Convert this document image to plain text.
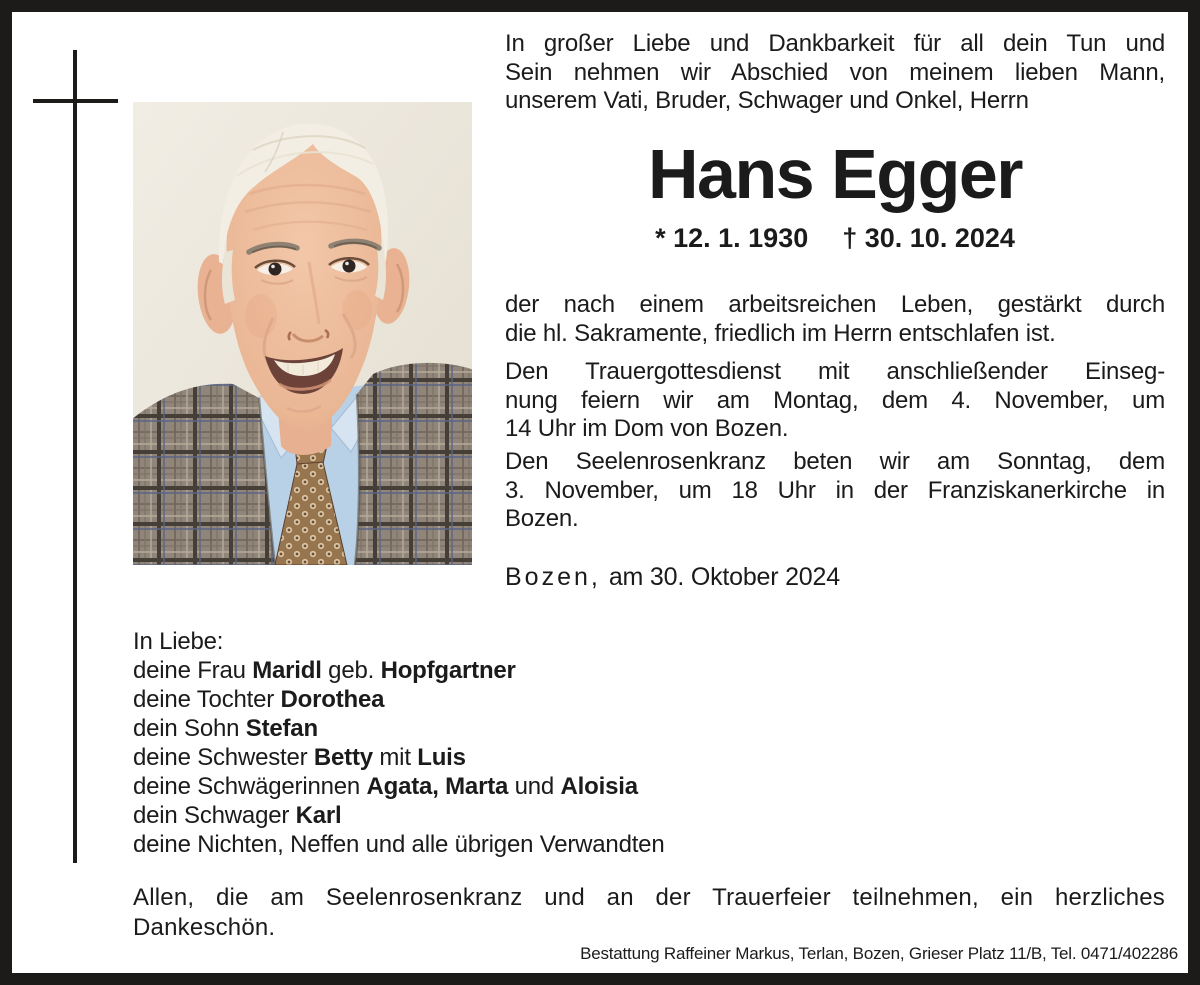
In großer Liebe und Dankbarkeit für all dein Tun und
Sein nehmen wir Abschied von meinem lieben Mann,
unserem Vati, Bruder, Schwager und Onkel, Herrn
Hans Egger
* 12. 1. 1930 † 30. 10. 2024
der nach einem arbeitsreichen Leben, gestärkt durch
die hl. Sakramente, friedlich im Herrn entschlafen ist.
Den Trauergottesdienst mit anschließender Einseg-
nung feiern wir am Montag, dem 4. November, um
14 Uhr im Dom von Bozen.
Den Seelenrosenkranz beten wir am Sonntag, dem
3. November, um 18 Uhr in der Franziskanerkirche in
Bozen.
Bozen, am 30. Oktober 2024
In Liebe:
deine Frau Maridl geb. Hopfgartner
deine Tochter Dorothea
dein Sohn Stefan
deine Schwester Betty mit Luis
deine Schwägerinnen Agata, Marta und Aloisia
dein Schwager Karl
deine Nichten, Neffen und alle übrigen Verwandten
Allen, die am Seelenrosenkranz und an der Trauerfeier teilnehmen, ein herzliches
Dankeschön.
Bestattung Raffeiner Markus, Terlan, Bozen, Grieser Platz 11/B, Tel. 0471/402286
